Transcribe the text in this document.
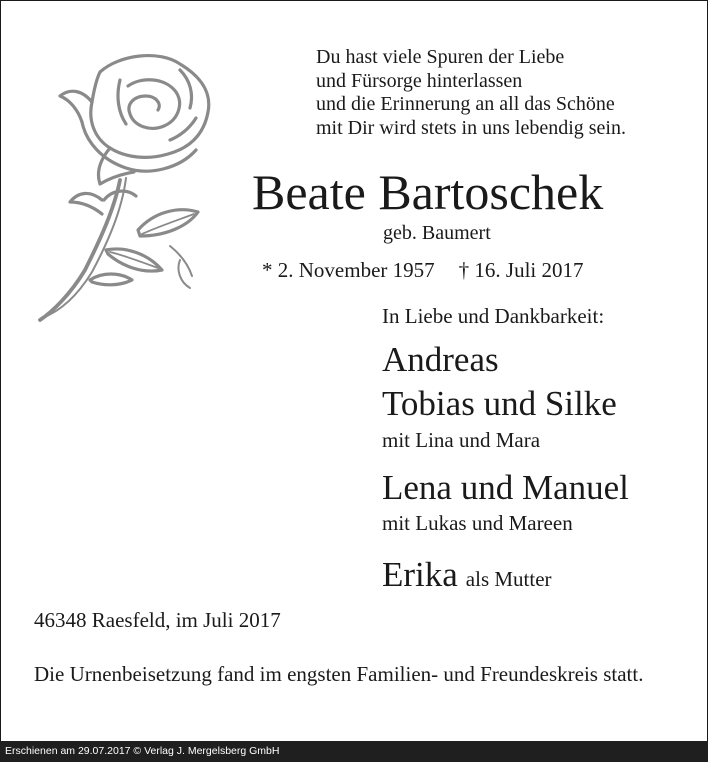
Du hast viele Spuren der Liebe
und Fürsorge hinterlassen
und die Erinnerung an all das Schöne
mit Dir wird stets in uns lebendig sein.
Beate Bartoschek
geb. Baumert
* 2. November 1957 † 16. Juli 2017
In Liebe und Dankbarkeit:
Andreas
Tobias und Silke
mit Lina und Mara
Lena und Manuel
mit Lukas und Mareen
Erika als Mutter
46348 Raesfeld, im Juli 2017
Die Urnenbeisetzung fand im engsten Familien- und Freundeskreis statt.
Erschienen am 29.07.2017 © Verlag J. Mergelsberg GmbH
